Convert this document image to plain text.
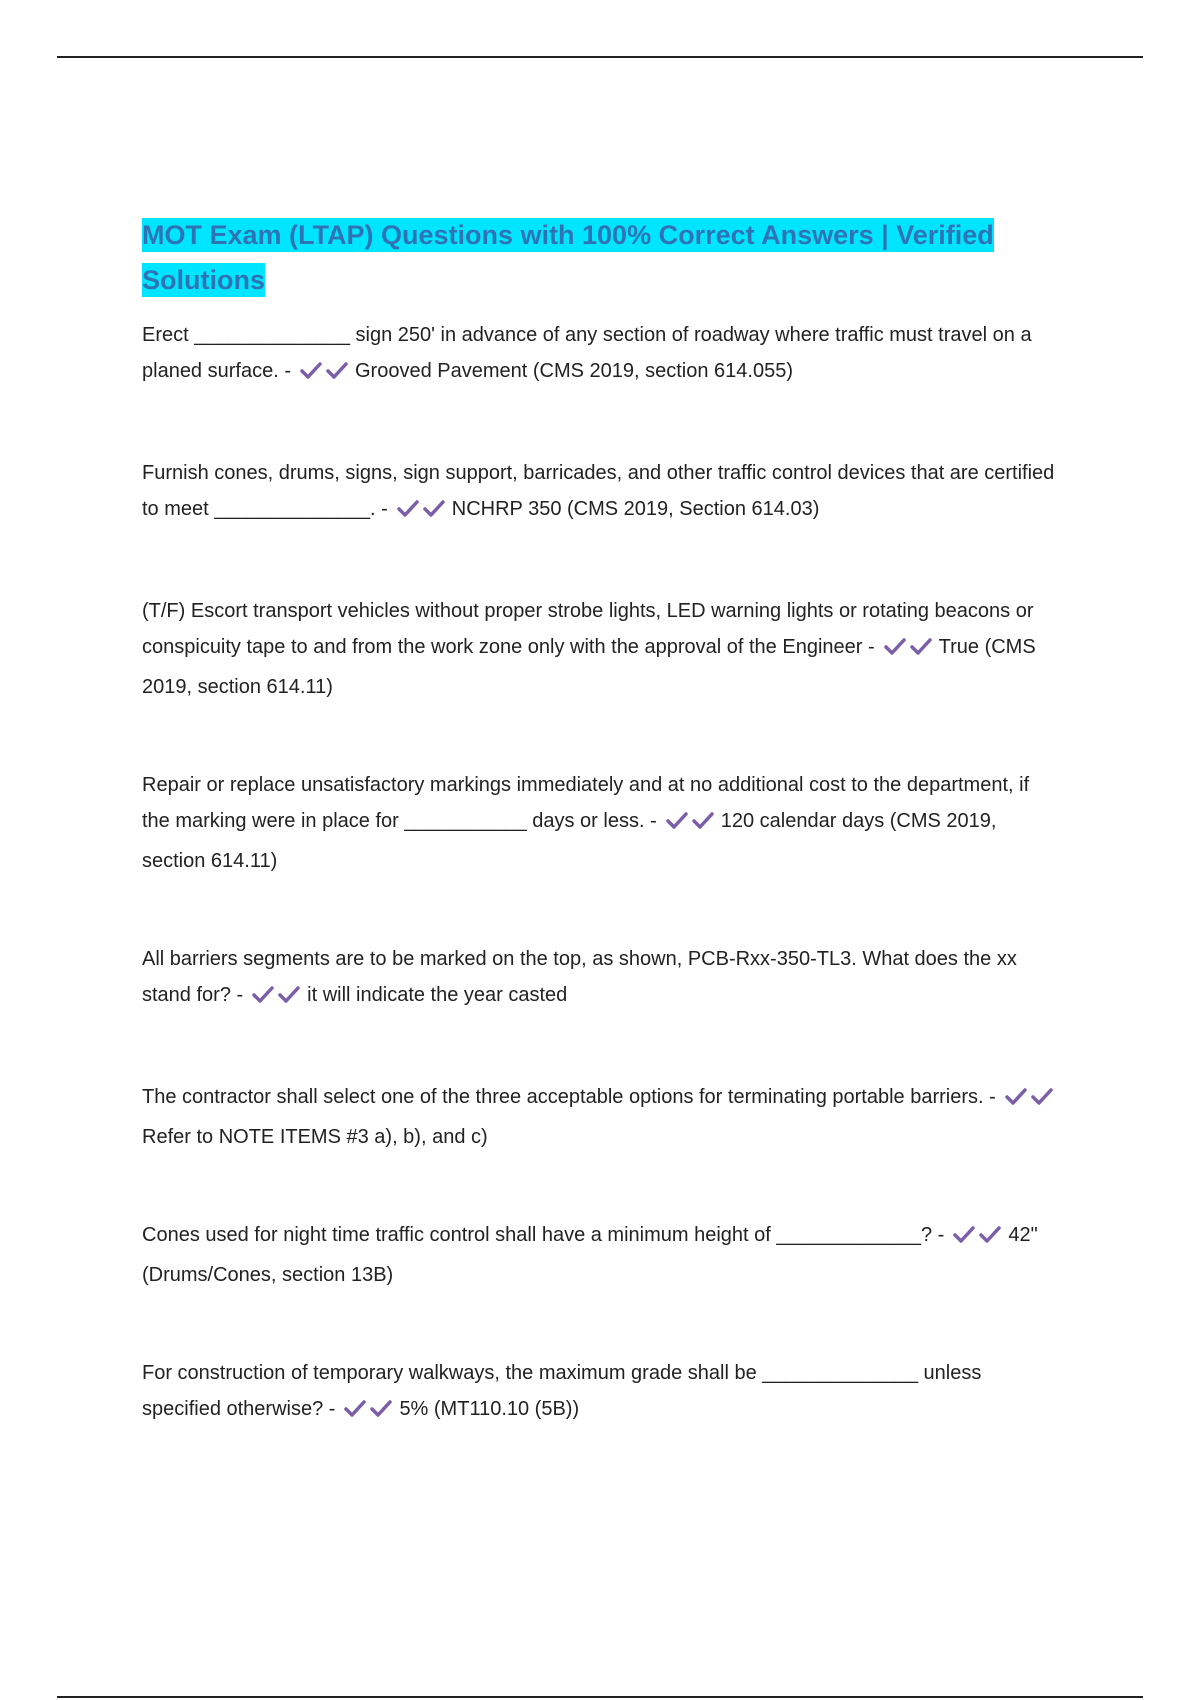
MOT Exam (LTAP) Questions with 100% Correct Answers | Verified Solutions
Erect ______________ sign 250' in advance of any section of roadway where traffic must travel on a planed surface. -	Grooved Pavement (CMS 2019, section 614.055)
Furnish cones, drums, signs, sign support, barricades, and other traffic control devices that are certified to meet ______________. -	NCHRP 350 (CMS 2019, Section 614.03)
(T/F) Escort transport vehicles without proper strobe lights, LED warning lights or rotating beacons or conspicuity tape to and from the work zone only with the approval of the Engineer -	True (CMS 2019, section 614.11)
Repair or replace unsatisfactory markings immediately and at no additional cost to the department, if the marking were in place for ___________ days or less. -	120 calendar days (CMS 2019, section 614.11)
All barriers segments are to be marked on the top, as shown, PCB-Rxx-350-TL3. What does the xx stand for? -	it will indicate the year casted
The contractor shall select one of the three acceptable options for terminating portable barriers. -Refer to NOTE ITEMS #3 a), b), and c)
Cones used for night time traffic control shall have a minimum height of _____________? -	42" (Drums/Cones, section 13B)
For construction of temporary walkways, the maximum grade shall be ______________ unless specified otherwise? -	5% (MT110.10 (5B))
